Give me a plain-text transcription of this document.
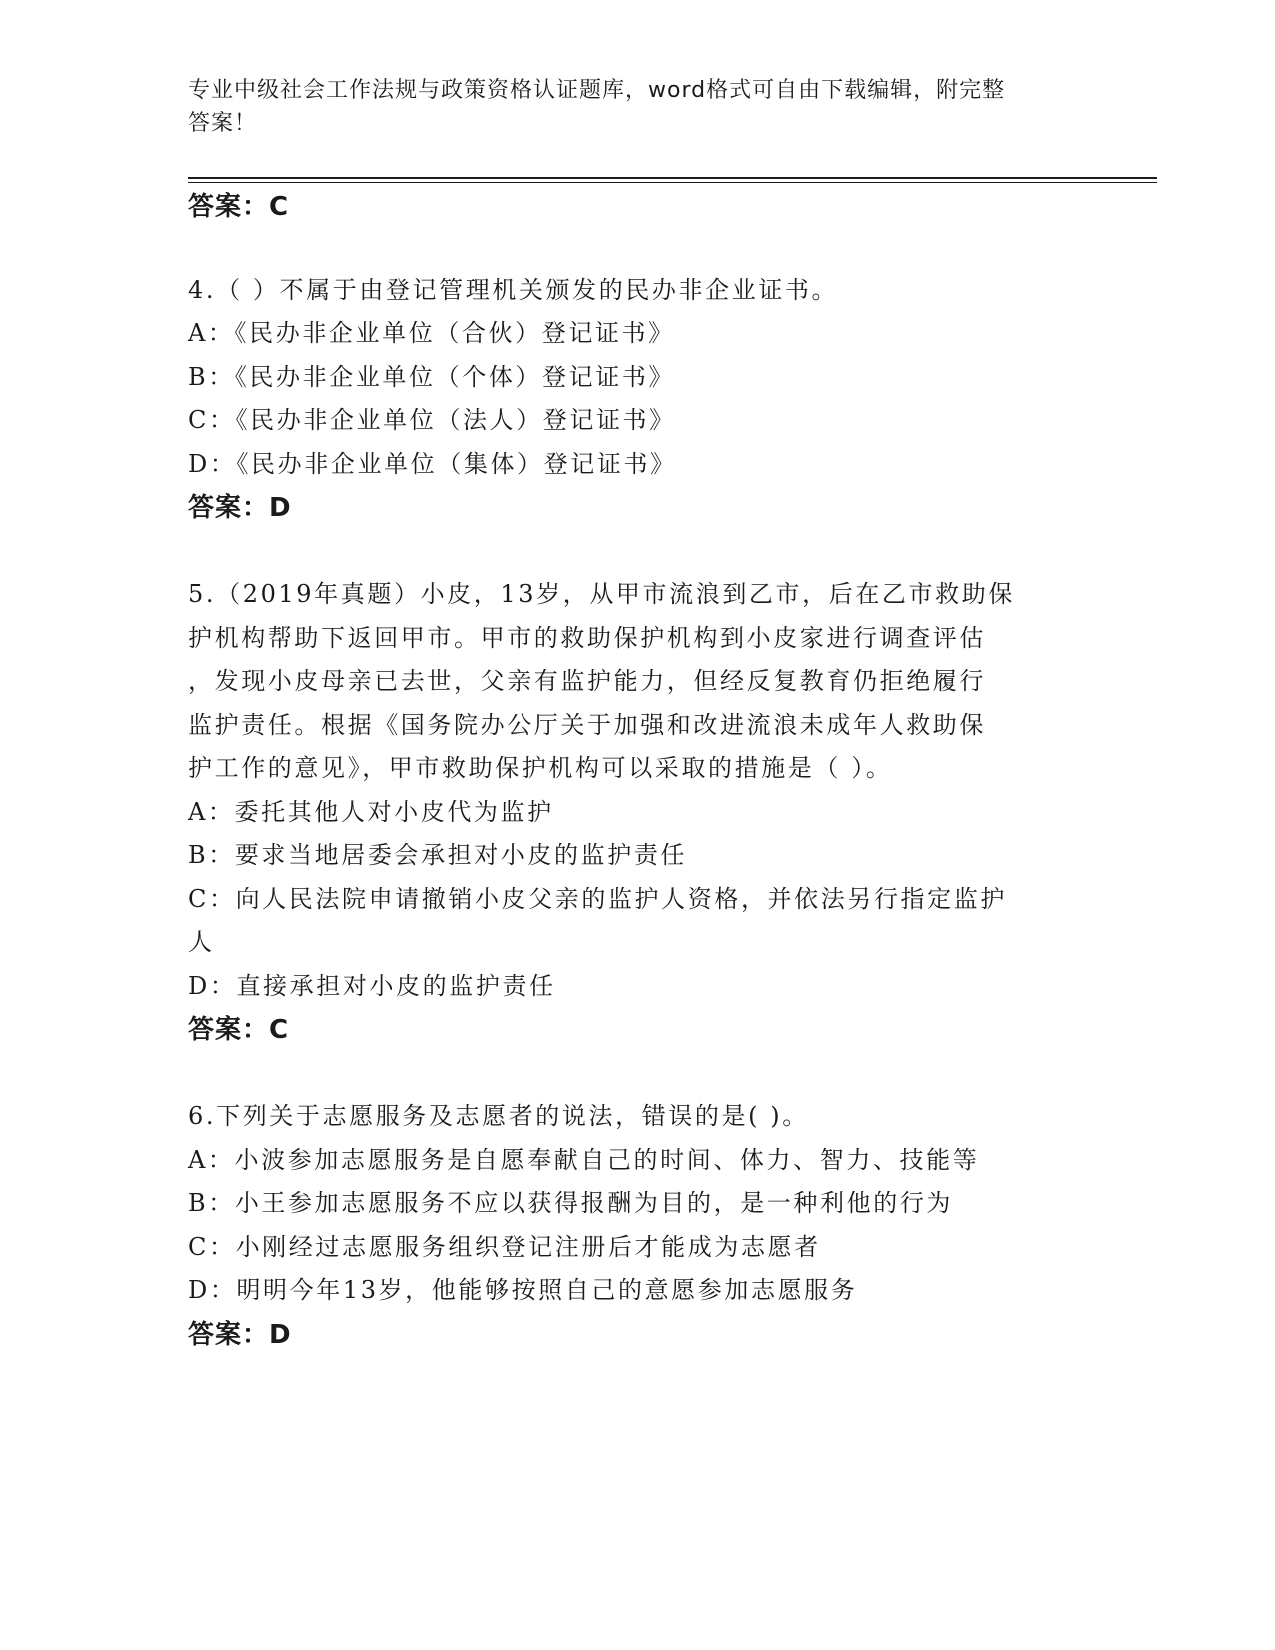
专业中级社会工作法规与政策资格认证题库，word格式可自由下载编辑，附完整
答案！
答案：C
4.（ ）不属于由登记管理机关颁发的民办非企业证书。
A：《民办非企业单位（合伙）登记证书》
B：《民办非企业单位（个体）登记证书》
C：《民办非企业单位（法人）登记证书》
D：《民办非企业单位（集体）登记证书》
答案：D
5.（2019年真题）小皮，13岁，从甲市流浪到乙市，后在乙市救助保
护机构帮助下返回甲市。甲市的救助保护机构到小皮家进行调查评估
，发现小皮母亲已去世，父亲有监护能力，但经反复教育仍拒绝履行
监护责任。根据《国务院办公厅关于加强和改进流浪未成年人救助保
护工作的意见》，甲市救助保护机构可以采取的措施是（ ）。
A：委托其他人对小皮代为监护
B：要求当地居委会承担对小皮的监护责任
C：向人民法院申请撤销小皮父亲的监护人资格，并依法另行指定监护
人
D：直接承担对小皮的监护责任
答案：C
6.下列关于志愿服务及志愿者的说法，错误的是( )。
A：小波参加志愿服务是自愿奉献自己的时间、体力、智力、技能等
B：小王参加志愿服务不应以获得报酬为目的，是一种利他的行为
C：小刚经过志愿服务组织登记注册后才能成为志愿者
D：明明今年13岁，他能够按照自己的意愿参加志愿服务
答案：D
